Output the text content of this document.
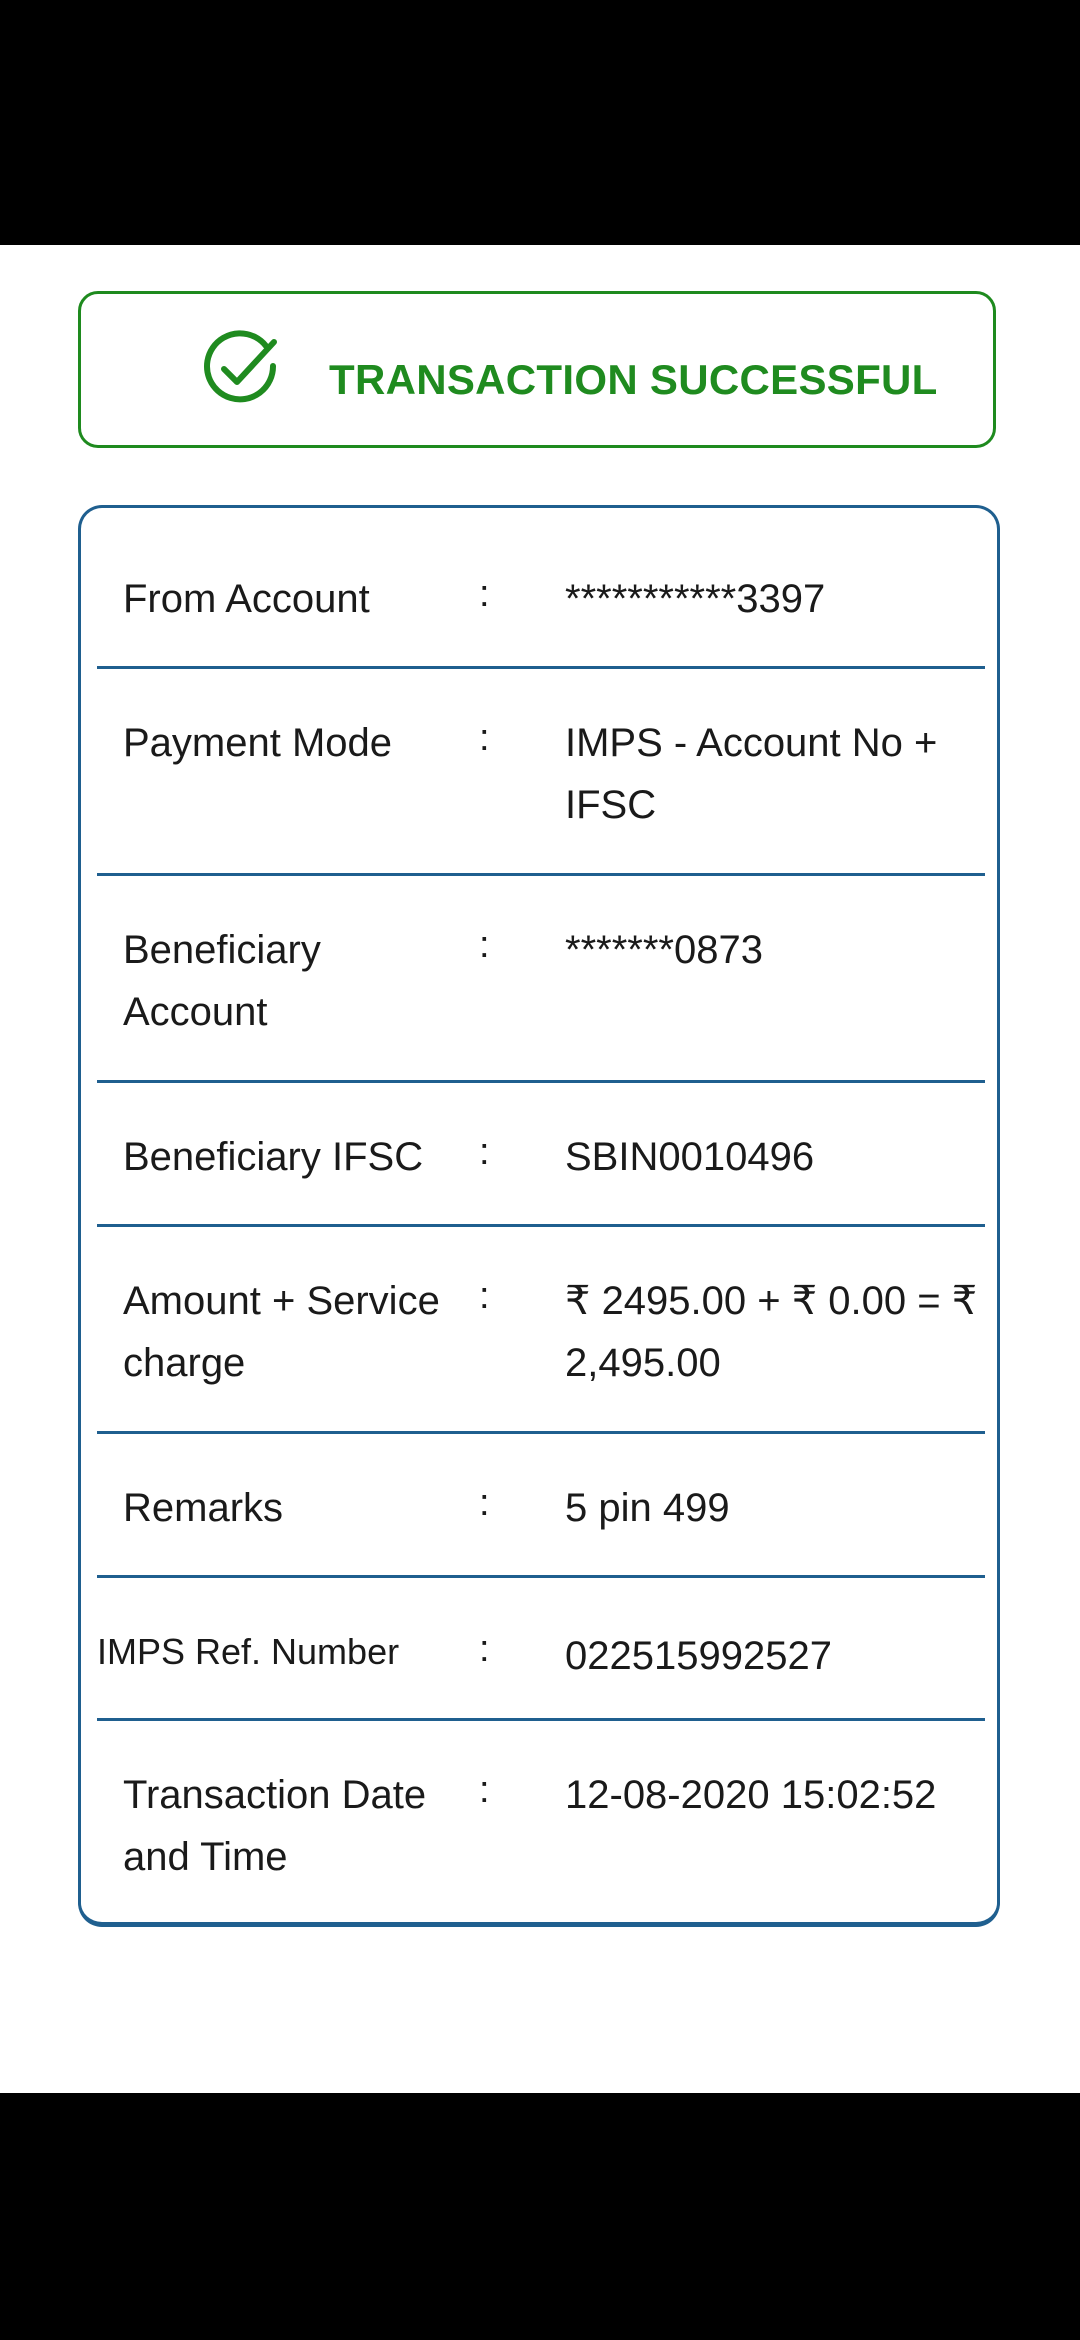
TRANSACTION SUCCESSFUL
From Account	: ***********3397
Payment Mode	: IMPS - Account No + IFSC
Beneficiary Account
: *******0873
Beneficiary IFSC	: SBIN0010496
Amount + Service charge
: ₹ 2495.00 + ₹ 0.00 = ₹ 2,495.00
Remarks	: 5 pin 499
IMPS Ref. Number	: 022515992527
Transaction Date and Time
: 12-08-2020 15:02:52
